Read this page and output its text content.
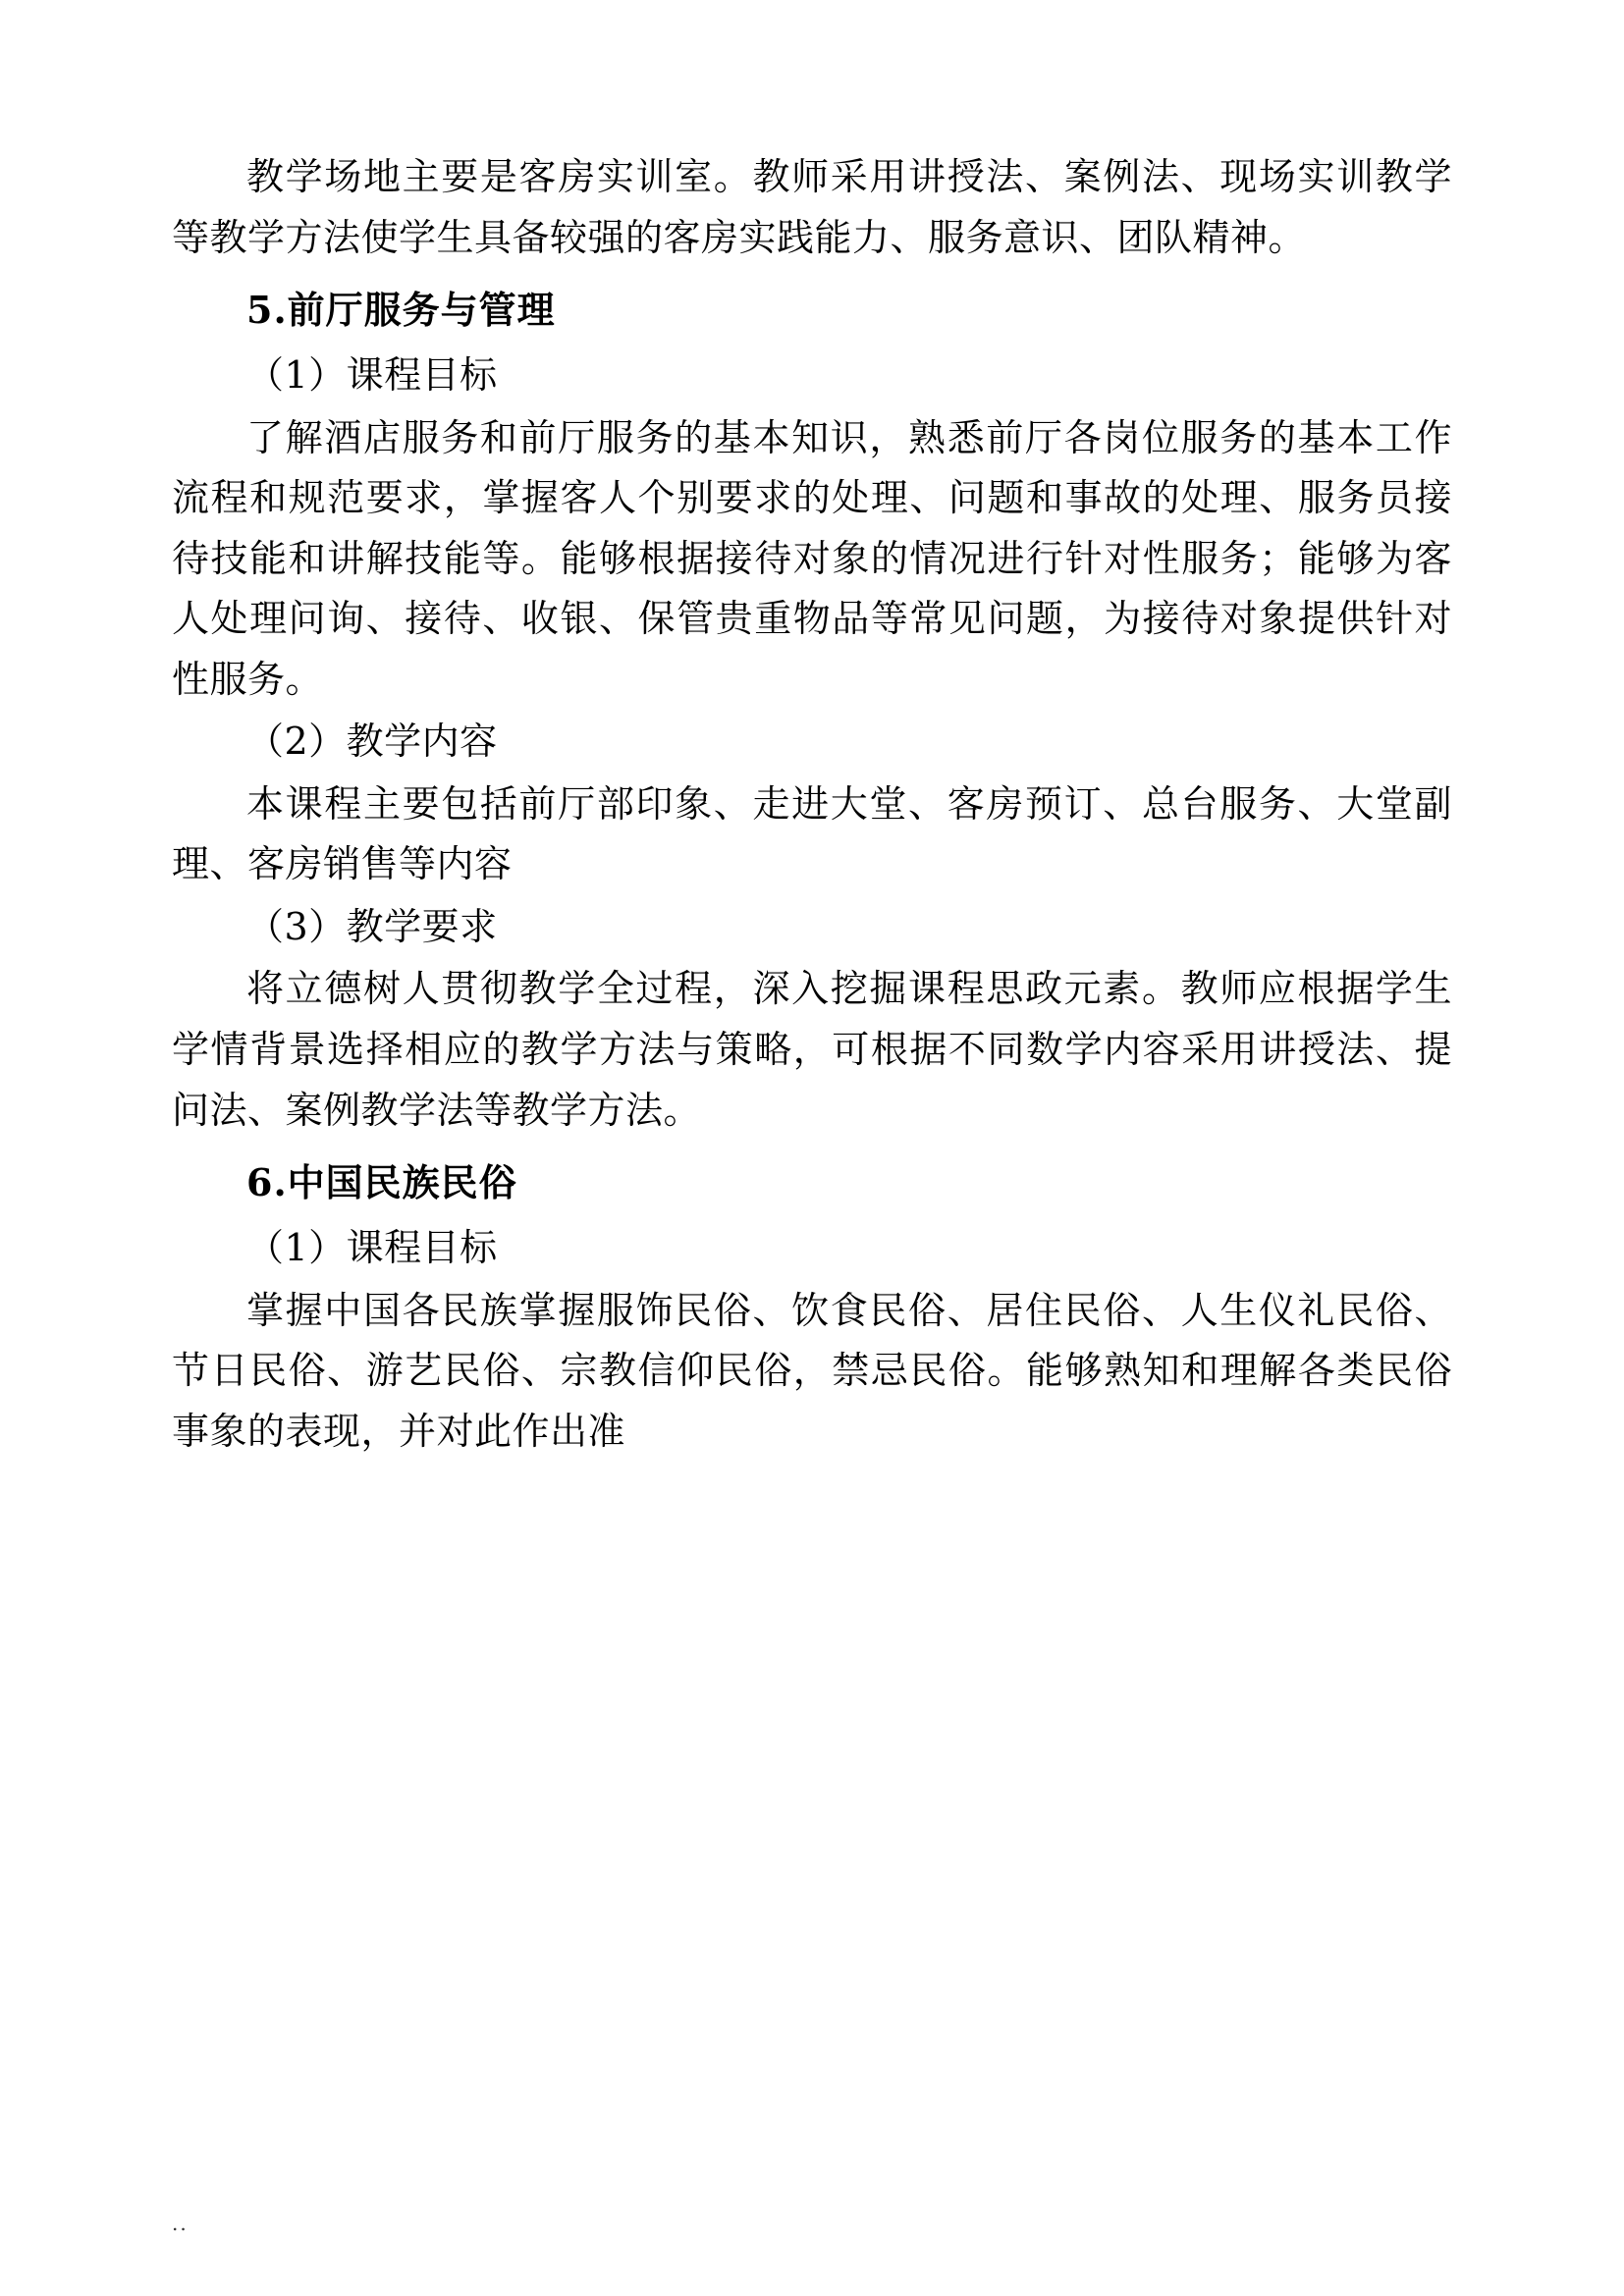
教学场地主要是客房实训室。教师采用讲授法、案例法、现场实训教学等教学方法使学生具备较强的客房实践能力、服务意识、团队精神。

5.前厅服务与管理

（1）课程目标

了解酒店服务和前厅服务的基本知识，熟悉前厅各岗位服务的基本工作流程和规范要求，掌握客人个别要求的处理、问题和事故的处理、服务员接待技能和讲解技能等。能够根据接待对象的情况进行针对性服务；能够为客人处理问询、接待、收银、保管贵重物品等常见问题，为接待对象提供针对性服务。

（2）教学内容

本课程主要包括前厅部印象、走进大堂、客房预订、总台服务、大堂副理、客房销售等内容

（3）教学要求

将立德树人贯彻教学全过程，深入挖掘课程思政元素。教师应根据学生学情背景选择相应的教学方法与策略，可根据不同数学内容采用讲授法、提问法、案例教学法等教学方法。

6.中国民族民俗

（1）课程目标

掌握中国各民族掌握服饰民俗、饮食民俗、居住民俗、人生仪礼民俗、节日民俗、游艺民俗、宗教信仰民俗，禁忌民俗。能够熟知和理解各类民俗事象的表现，并对此作出准

..
